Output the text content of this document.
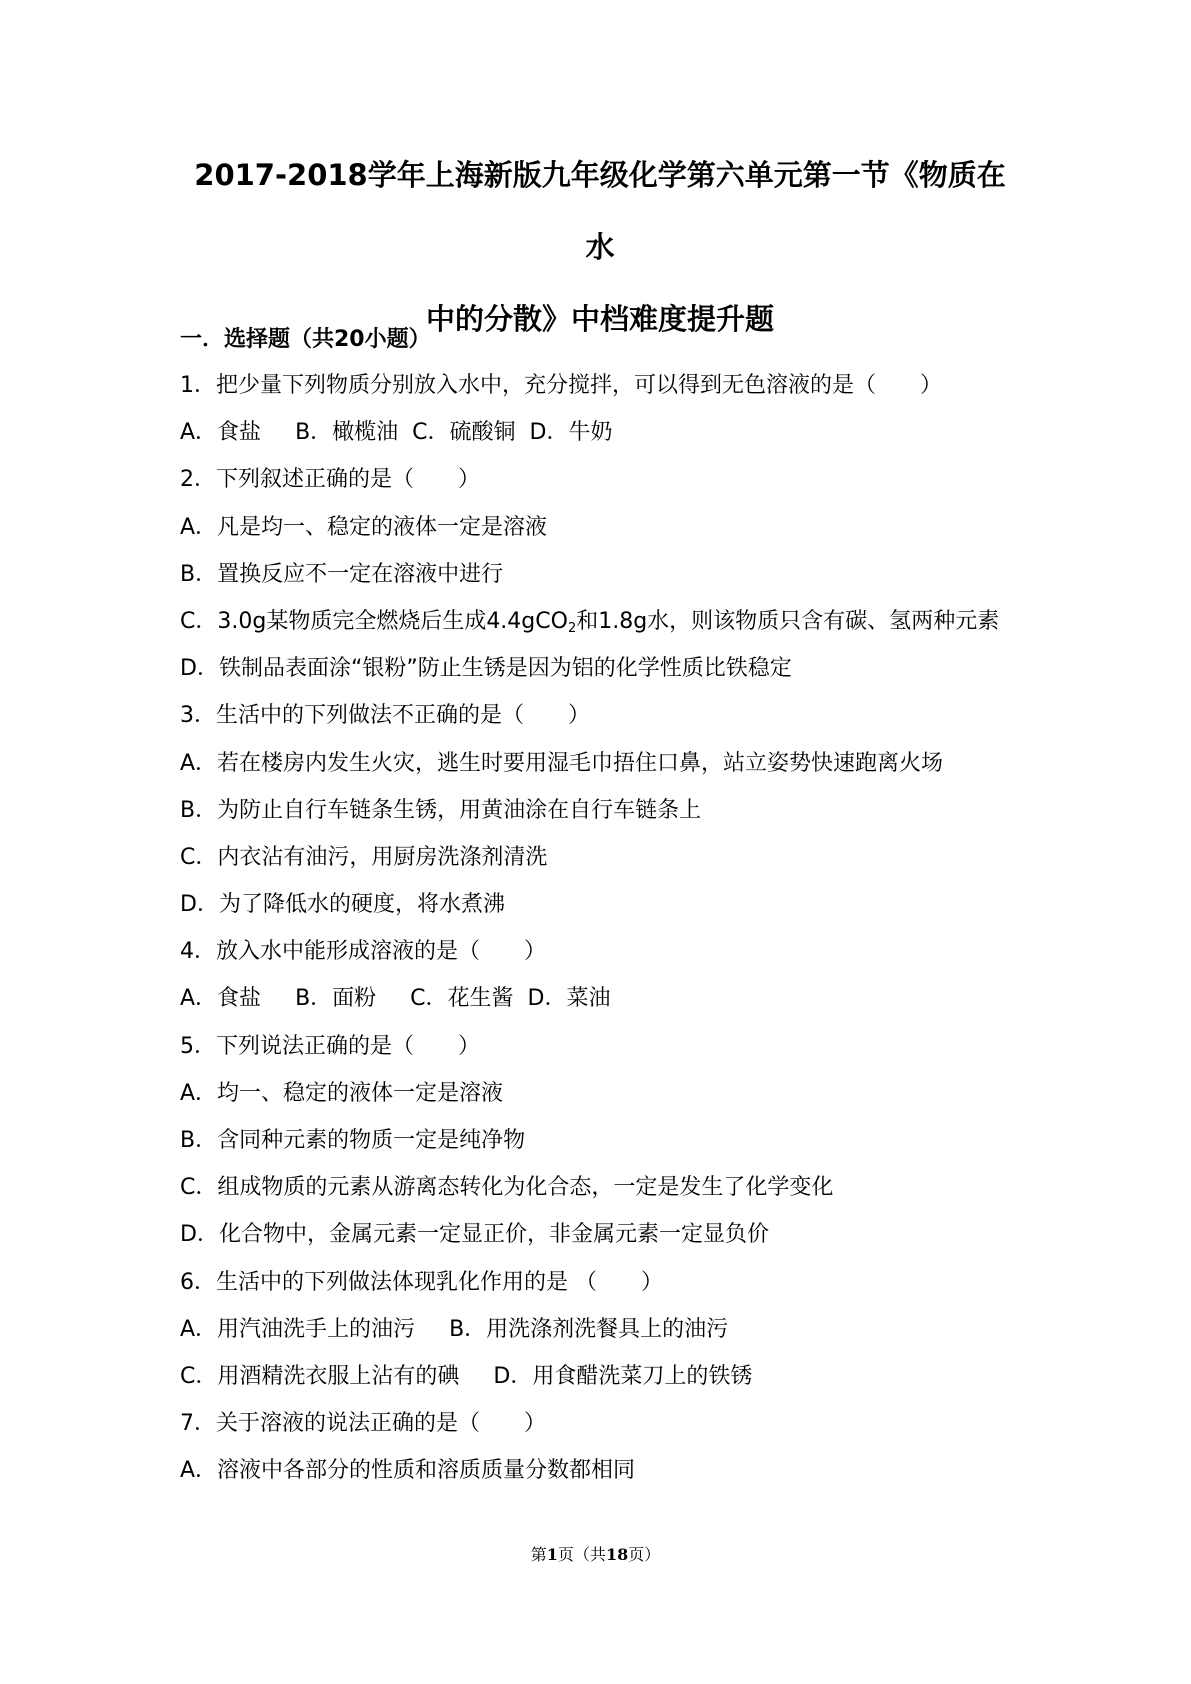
2017-2018学年上海新版九年级化学第六单元第一节《物质在水
中的分散》中档难度提升题
一．选择题（共20小题）
1．把少量下列物质分别放入水中，充分搅拌，可以得到无色溶液的是（　　）
A．食盐 B．橄榄油 C．硫酸铜 D．牛奶
2．下列叙述正确的是（　　）
A．凡是均一、稳定的液体一定是溶液
B．置换反应不一定在溶液中进行
C．3.0g某物质完全燃烧后生成4.4gCO$_2$和1.8g水，则该物质只含有碳、氢两种元素
D．铁制品表面涂“银粉”防止生锈是因为铝的化学性质比铁稳定
3．生活中的下列做法不正确的是（　　）
A．若在楼房内发生火灾，逃生时要用湿毛巾捂住口鼻，站立姿势快速跑离火场
B．为防止自行车链条生锈，用黄油涂在自行车链条上
C．内衣沾有油污，用厨房洗涤剂清洗
D．为了降低水的硬度，将水煮沸
4．放入水中能形成溶液的是（　　）
A．食盐 B．面粉 C．花生酱 D．菜油
5．下列说法正确的是（　　）
A．均一、稳定的液体一定是溶液
B．含同种元素的物质一定是纯净物
C．组成物质的元素从游离态转化为化合态，一定是发生了化学变化
D．化合物中，金属元素一定显正价，非金属元素一定显负价
6．生活中的下列做法体现乳化作用的是 （　　）
A．用汽油洗手上的油污 B．用洗涤剂洗餐具上的油污
C．用酒精洗衣服上沾有的碘 D．用食醋洗菜刀上的铁锈
7．关于溶液的说法正确的是（　　）
A．溶液中各部分的性质和溶质质量分数都相同
第1页（共18页）
